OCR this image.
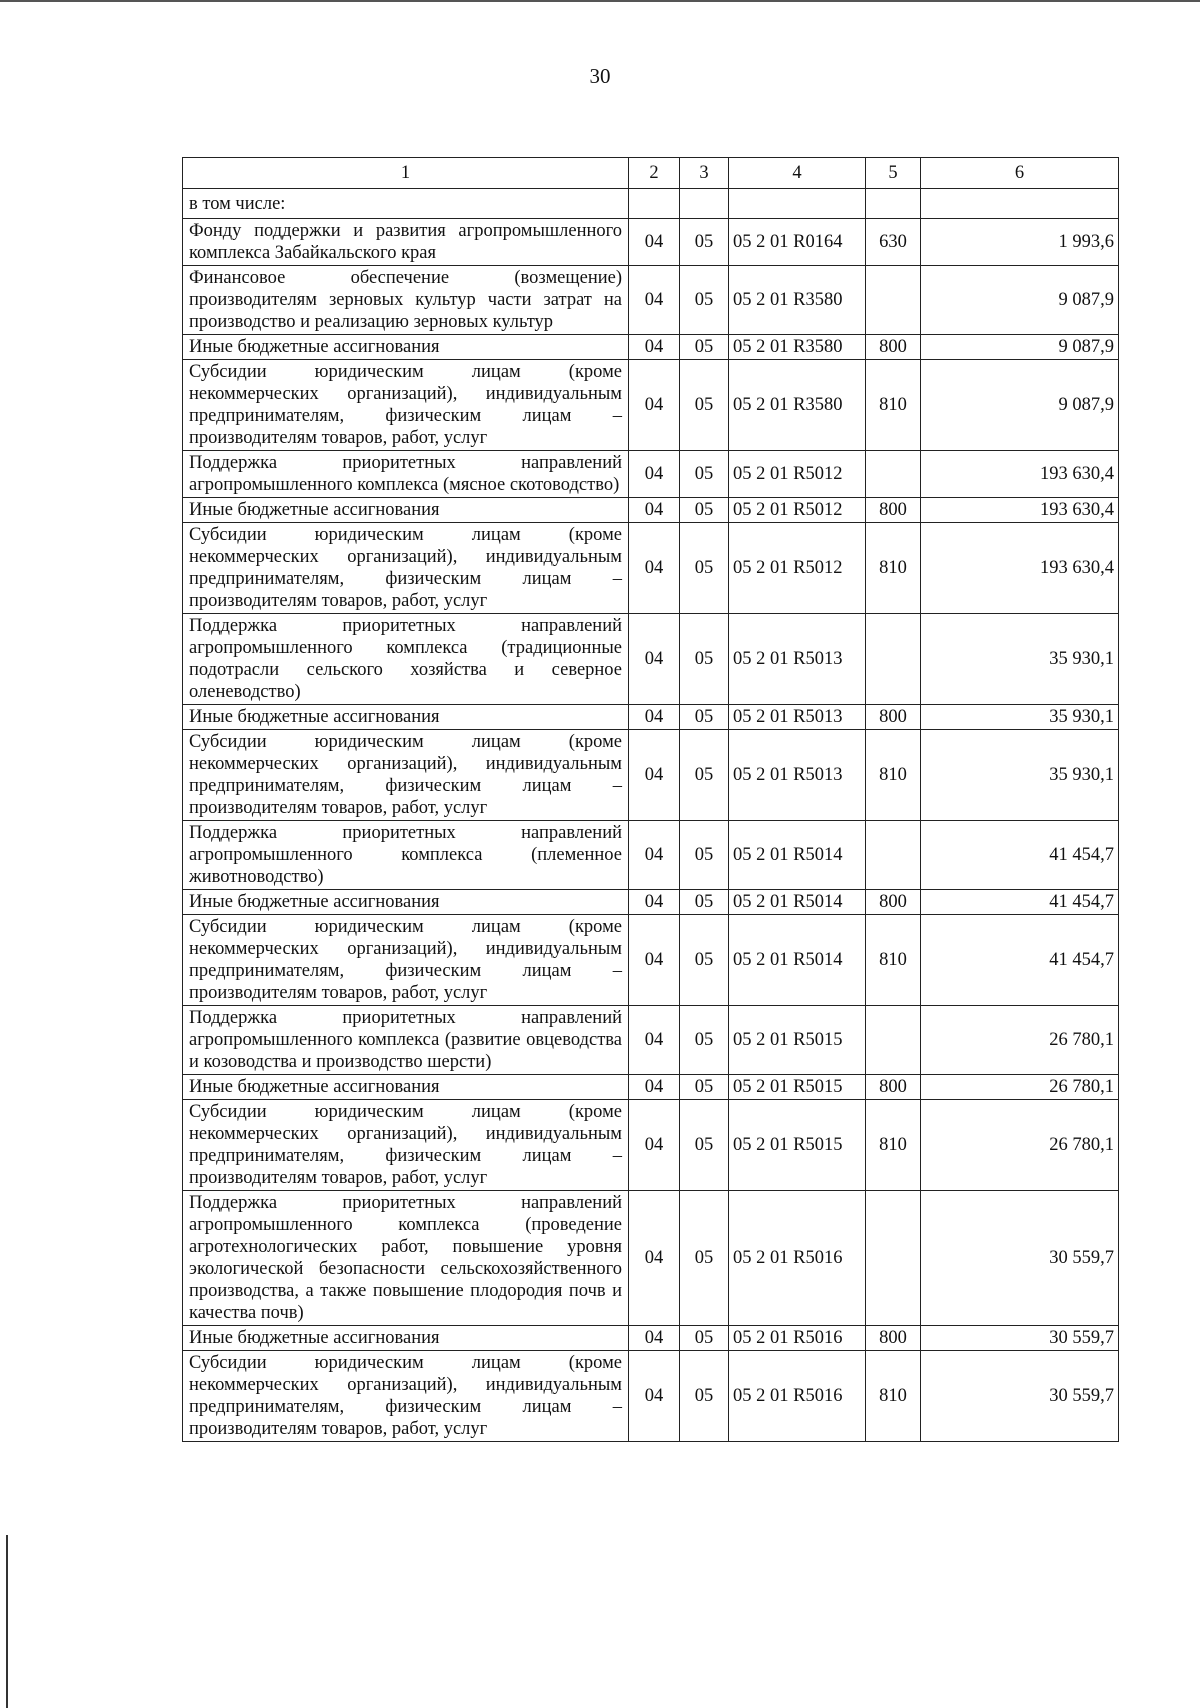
30
1	2	3	4	5	6
в том числе:					
Фонду поддержки и развития агропромышленного комплекса Забайкальского края	04	05	05 2 01 R0164	630	1 993,6
Финансовое обеспечение (возмещение) производителям зерновых культур части затрат на производство и реализацию зерновых культур	04	05	05 2 01 R3580		9 087,9
Иные бюджетные ассигнования	04	05	05 2 01 R3580	800	9 087,9
Субсидии юридическим лицам (кроме некоммерческих организаций), индивидуальным предпринимателям, физическим лицам – производителям товаров, работ, услуг	04	05	05 2 01 R3580	810	9 087,9
Поддержка приоритетных направлений агропромышленного комплекса (мясное скотоводство)	04	05	05 2 01 R5012		193 630,4
Иные бюджетные ассигнования	04	05	05 2 01 R5012	800	193 630,4
Субсидии юридическим лицам (кроме некоммерческих организаций), индивидуальным предпринимателям, физическим лицам – производителям товаров, работ, услуг	04	05	05 2 01 R5012	810	193 630,4
Поддержка приоритетных направлений агропромышленного комплекса (традиционные подотрасли сельского хозяйства и северное оленеводство)	04	05	05 2 01 R5013		35 930,1
Иные бюджетные ассигнования	04	05	05 2 01 R5013	800	35 930,1
Субсидии юридическим лицам (кроме некоммерческих организаций), индивидуальным предпринимателям, физическим лицам – производителям товаров, работ, услуг	04	05	05 2 01 R5013	810	35 930,1
Поддержка приоритетных направлений агропромышленного комплекса (племенное животноводство)	04	05	05 2 01 R5014		41 454,7
Иные бюджетные ассигнования	04	05	05 2 01 R5014	800	41 454,7
Субсидии юридическим лицам (кроме некоммерческих организаций), индивидуальным предпринимателям, физическим лицам – производителям товаров, работ, услуг	04	05	05 2 01 R5014	810	41 454,7
Поддержка приоритетных направлений агропромышленного комплекса (развитие овцеводства и козоводства и производство шерсти)	04	05	05 2 01 R5015		26 780,1
Иные бюджетные ассигнования	04	05	05 2 01 R5015	800	26 780,1
Субсидии юридическим лицам (кроме некоммерческих организаций), индивидуальным предпринимателям, физическим лицам – производителям товаров, работ, услуг	04	05	05 2 01 R5015	810	26 780,1
Поддержка приоритетных направлений агропромышленного комплекса (проведение агротехнологических работ, повышение уровня экологической безопасности сельскохозяйственного производства, а также повышение плодородия почв и качества почв)	04	05	05 2 01 R5016		30 559,7
Иные бюджетные ассигнования	04	05	05 2 01 R5016	800	30 559,7
Субсидии юридическим лицам (кроме некоммерческих организаций), индивидуальным предпринимателям, физическим лицам – производителям товаров, работ, услуг	04	05	05 2 01 R5016	810	30 559,7
